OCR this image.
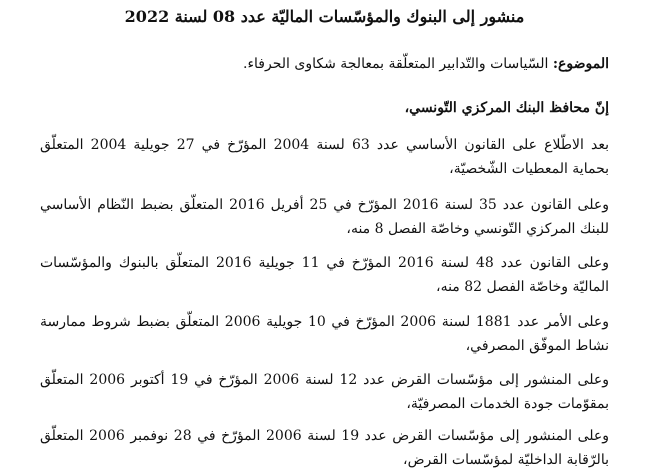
منشور إلى البنوك والمؤسّسات الماليّة عدد 08 لسنة 2022
الموضوع: السّياسات والتّدابير المتعلّقة بمعالجة شكاوى الحرفاء.
إنّ محافظ البنك المركزي التّونسي،
بعد الاطّلاع على القانون الأساسي عدد 63 لسنة 2004 المؤرّخ في 27 جويلية 2004 المتعلّق بحماية المعطيات الشّخصيّة،
وعلى القانون عدد 35 لسنة 2016 المؤرّخ في 25 أفريل 2016 المتعلّق بضبط النّظام الأساسي للبنك المركزي التّونسي وخاصّة الفصل 8 منه،
وعلى القانون عدد 48 لسنة 2016 المؤرّخ في 11 جويلية 2016 المتعلّق بالبنوك والمؤسّسات الماليّة وخاصّة الفصل 82 منه،
وعلى الأمر عدد 1881 لسنة 2006 المؤرّخ في 10 جويلية 2006 المتعلّق بضبط شروط ممارسة نشاط الموفّق المصرفي،
وعلى المنشور إلى مؤسّسات القرض عدد 12 لسنة 2006 المؤرّخ في 19 أكتوبر 2006 المتعلّق بمقوّمات جودة الخدمات المصرفيّة،
وعلى المنشور إلى مؤسّسات القرض عدد 19 لسنة 2006 المؤرّخ في 28 نوفمبر 2006 المتعلّق بالرّقابة الداخليّة لمؤسّسات القرض،
